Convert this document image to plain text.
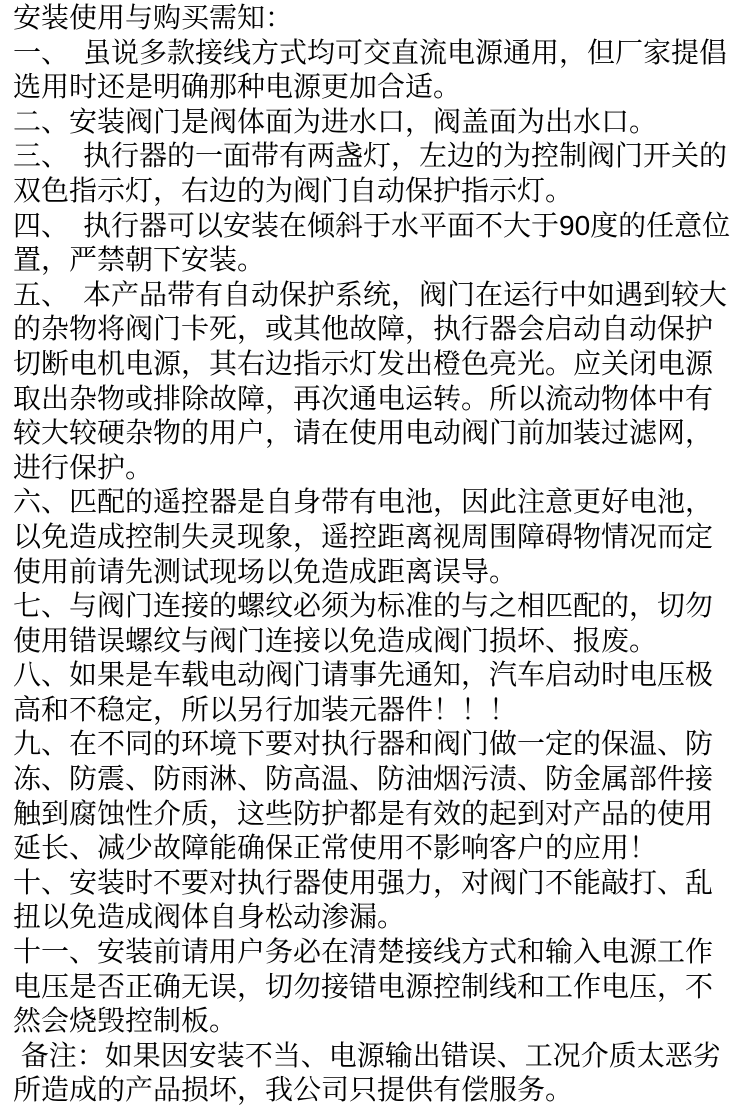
安装使用与购买需知：
一、　虽说多款接线方式均可交直流电源通用，但厂家提倡
选用时还是明确那种电源更加合适。
二、安装阀门是阀体面为进水口，阀盖面为出水口。
三、　执行器的一面带有两盏灯，左边的为控制阀门开关的
双色指示灯，右边的为阀门自动保护指示灯。
四、　执行器可以安装在倾斜于水平面不大于90度的任意位
置，严禁朝下安装。
五、　本产品带有自动保护系统，阀门在运行中如遇到较大
的杂物将阀门卡死，或其他故障，执行器会启动自动保护
切断电机电源，其右边指示灯发出橙色亮光。应关闭电源
取出杂物或排除故障，再次通电运转。所以流动物体中有
较大较硬杂物的用户，请在使用电动阀门前加装过滤网，
进行保护。
六、匹配的遥控器是自身带有电池，因此注意更好电池，
以免造成控制失灵现象，遥控距离视周围障碍物情况而定
使用前请先测试现场以免造成距离误导。
七、与阀门连接的螺纹必须为标准的与之相匹配的，切勿
使用错误螺纹与阀门连接以免造成阀门损坏、报废。
八、如果是车载电动阀门请事先通知，汽车启动时电压极
高和不稳定，所以另行加装元器件！！！
九、在不同的环境下要对执行器和阀门做一定的保温、防
冻、防震、防雨淋、防高温、防油烟污渍、防金属部件接
触到腐蚀性介质，这些防护都是有效的起到对产品的使用
延长、减少故障能确保正常使用不影响客户的应用！
十、安装时不要对执行器使用强力，对阀门不能敲打、乱
扭以免造成阀体自身松动渗漏。
十一、安装前请用户务必在清楚接线方式和输入电源工作
电压是否正确无误，切勿接错电源控制线和工作电压，不
然会烧毁控制板。
备注：如果因安装不当、电源输出错误、工况介质太恶劣
所造成的产品损坏，我公司只提供有偿服务。
